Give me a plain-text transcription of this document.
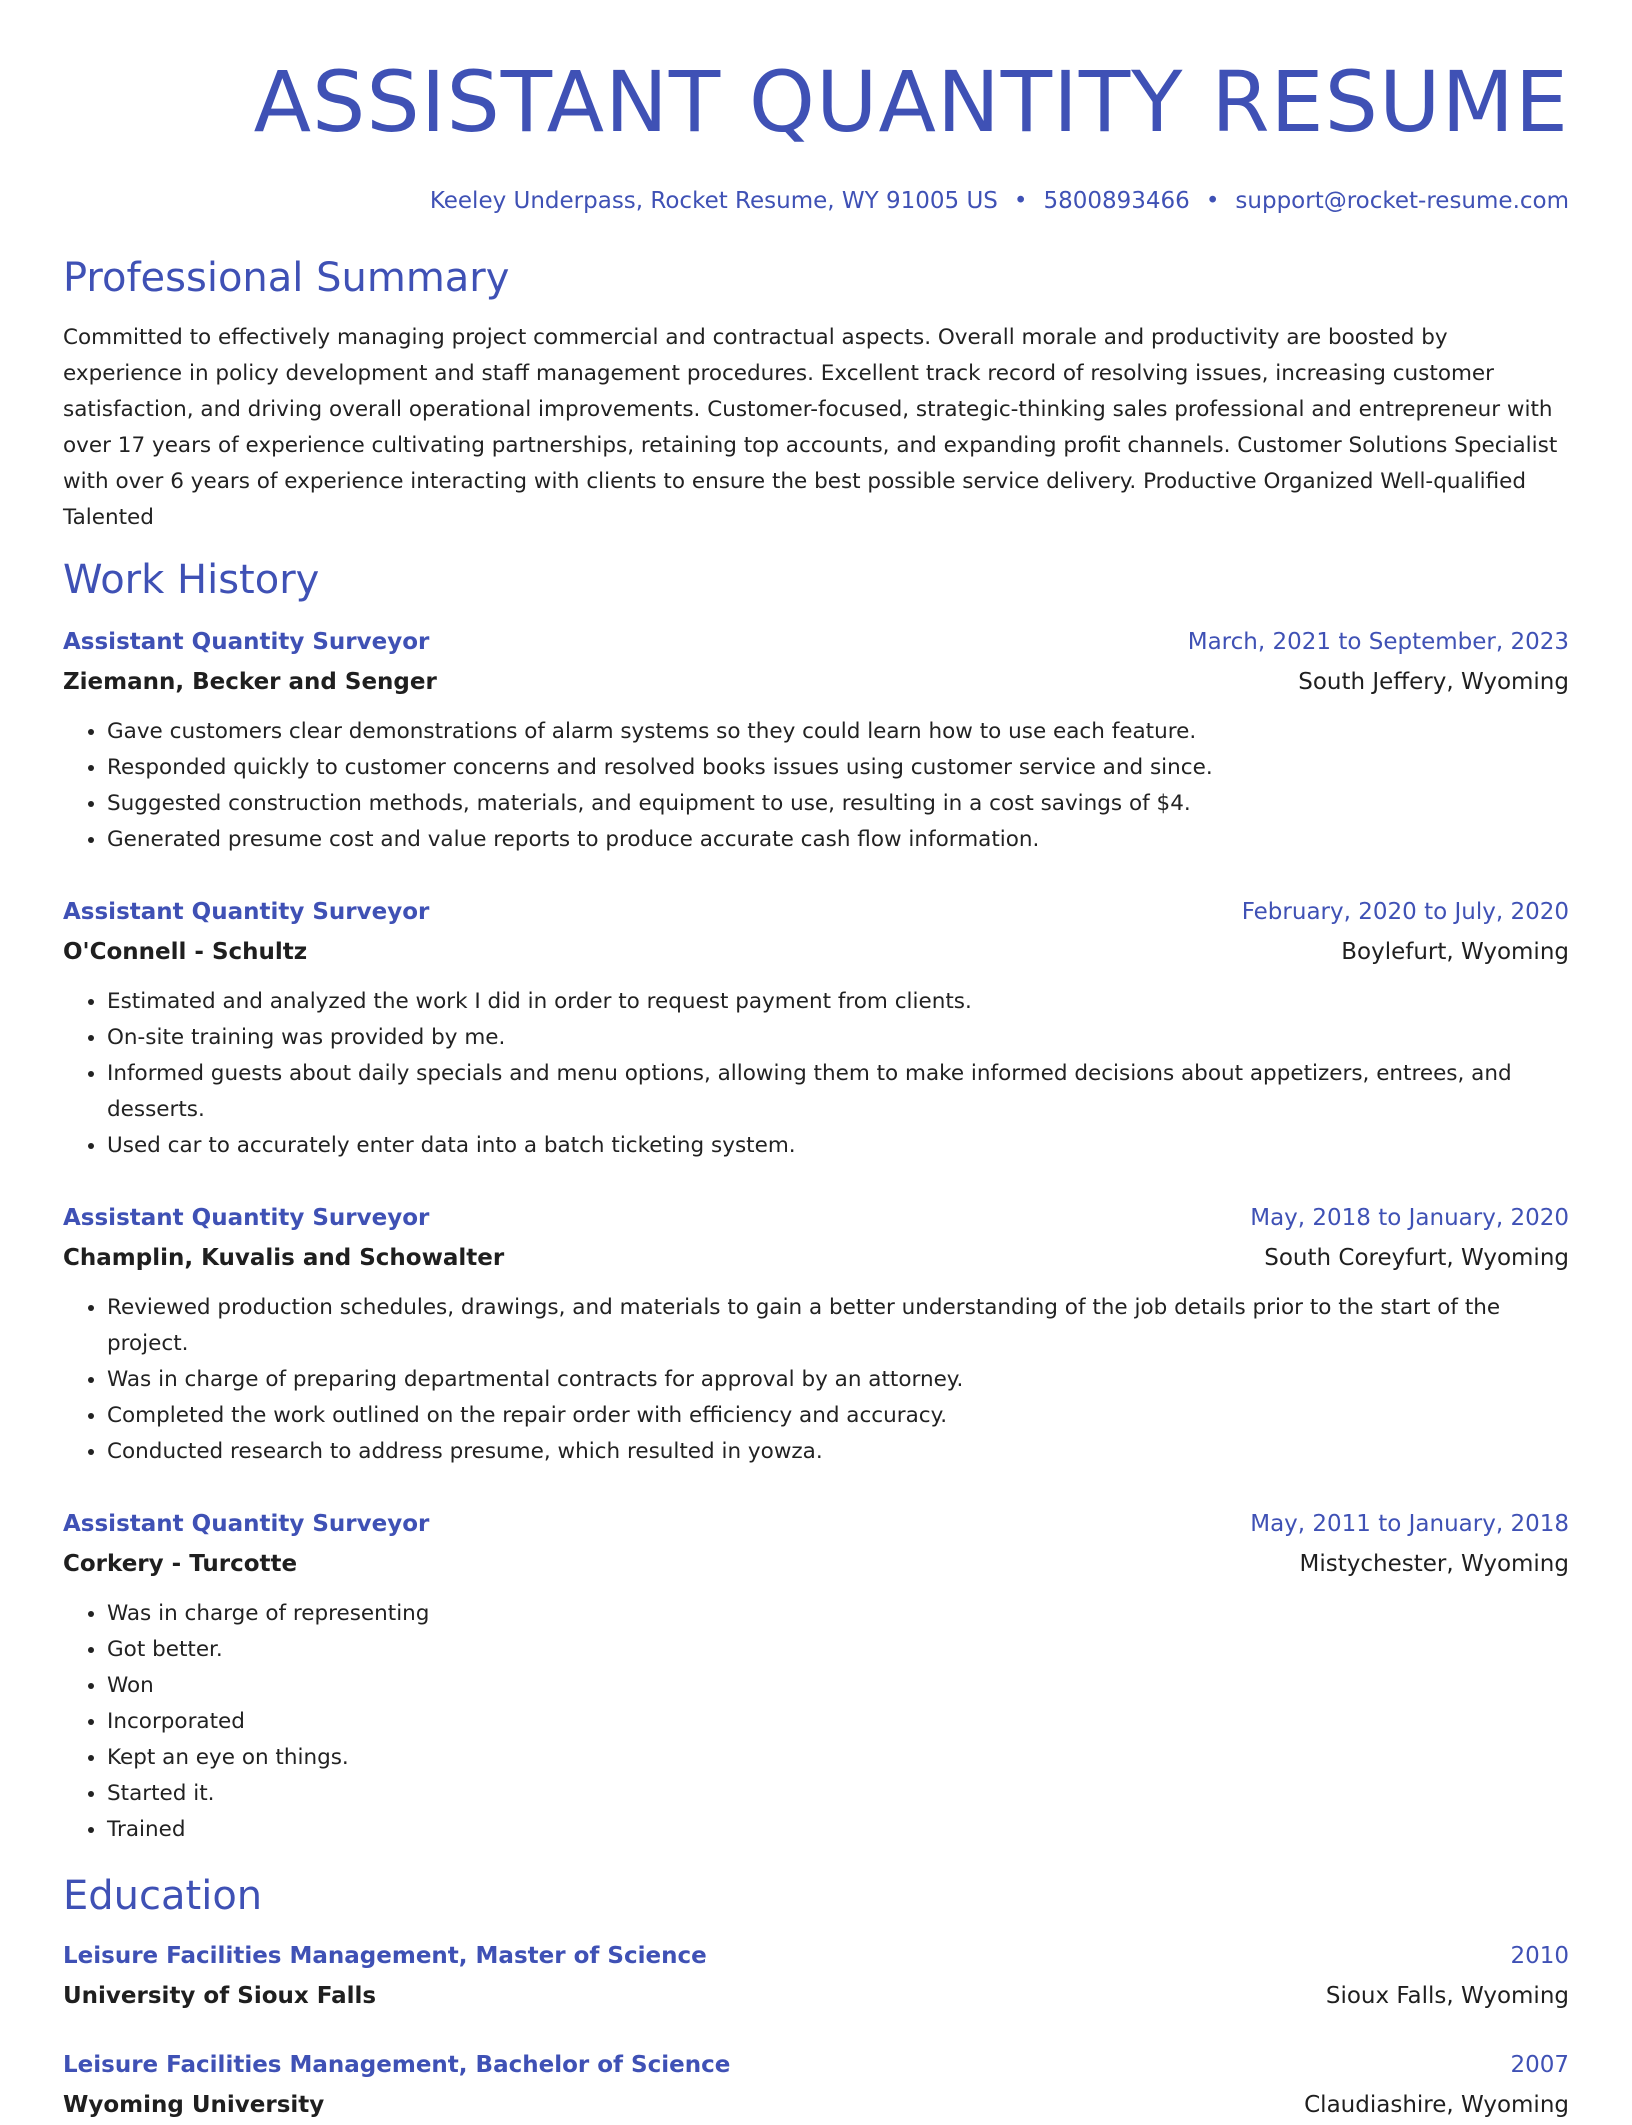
ASSISTANT QUANTITY RESUME
Keeley Underpass, Rocket Resume, WY 91005 US • 5800893466 • support@rocket-resume.com
Professional Summary

Committed to effectively managing project commercial and contractual aspects. Overall morale and productivity are boosted by experience in policy development and staff management procedures. Excellent track record of resolving issues, increasing customer satisfaction, and driving overall operational improvements. Customer-focused, strategic-thinking sales professional and entrepreneur with over 17 years of experience cultivating partnerships, retaining top accounts, and expanding profit channels. Customer Solutions Specialist with over 6 years of experience interacting with clients to ensure the best possible service delivery. Productive Organized Well-qualified Talented

Work History
Assistant Quantity Surveyor	March, 2021 to September, 2023
Ziemann, Becker and Senger	South Jeffery, Wyoming
• Gave customers clear demonstrations of alarm systems so they could learn how to use each feature.
• Responded quickly to customer concerns and resolved books issues using customer service and since.
• Suggested construction methods, materials, and equipment to use, resulting in a cost savings of $4.
• Generated presume cost and value reports to produce accurate cash flow information.
Assistant Quantity Surveyor	February, 2020 to July, 2020
O'Connell - Schultz	Boylefurt, Wyoming
• Estimated and analyzed the work I did in order to request payment from clients.
• On-site training was provided by me.
• Informed guests about daily specials and menu options, allowing them to make informed decisions about appetizers, entrees, and desserts.
• Used car to accurately enter data into a batch ticketing system.
Assistant Quantity Surveyor	May, 2018 to January, 2020
Champlin, Kuvalis and Schowalter	South Coreyfurt, Wyoming
• Reviewed production schedules, drawings, and materials to gain a better understanding of the job details prior to the start of the project.
• Was in charge of preparing departmental contracts for approval by an attorney.
• Completed the work outlined on the repair order with efficiency and accuracy.
• Conducted research to address presume, which resulted in yowza.
Assistant Quantity Surveyor	May, 2011 to January, 2018
Corkery - Turcotte	Mistychester, Wyoming
• Was in charge of representing
• Got better.
• Won
• Incorporated
• Kept an eye on things.
• Started it.
• Trained
Education
Leisure Facilities Management, Master of Science	2010
University of Sioux Falls	Sioux Falls, Wyoming
Leisure Facilities Management, Bachelor of Science	2007
Wyoming University	Claudiashire, Wyoming
